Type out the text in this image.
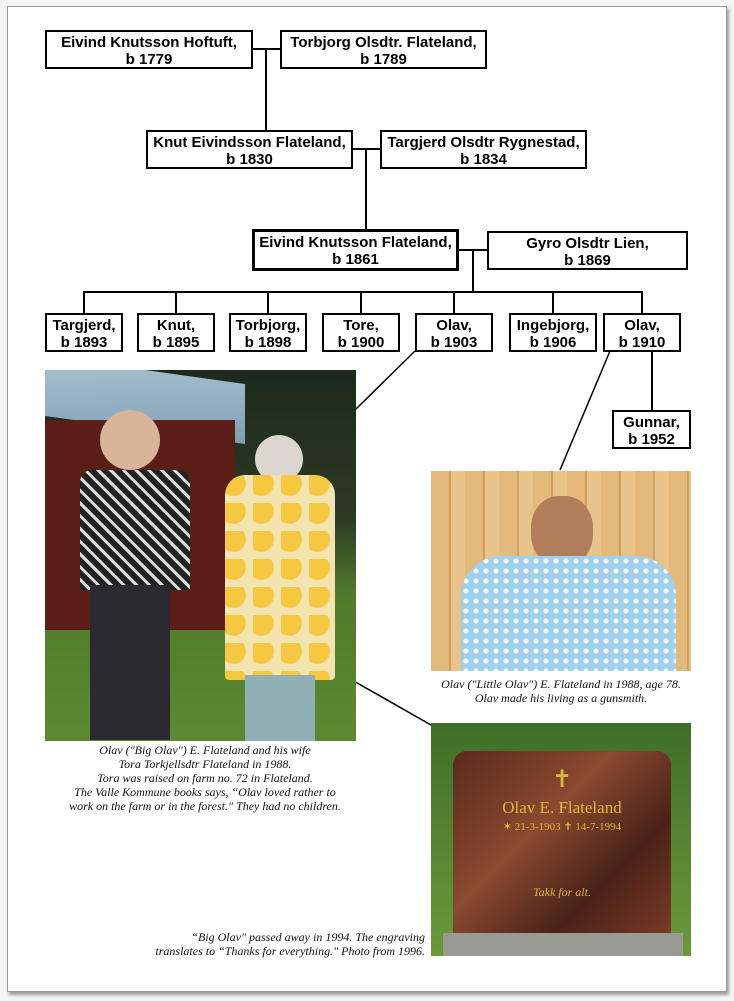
Eivind Knutsson Hoftuft,
b 1779
Torbjorg Olsdtr. Flateland,
b 1789
Knut Eivindsson Flateland,
b 1830
Targjerd Olsdtr Rygnestad,
b 1834
Eivind Knutsson Flateland,
b 1861
Gyro Olsdtr Lien,
b 1869
Targjerd,
b 1893
Knut,
b 1895
Torbjorg,
b 1898
Tore,
b 1900
Olav,
b 1903
Ingebjorg,
b 1906
Olav,
b 1910
Gunnar,
b 1952
Olav ("Big Olav") E. Flateland and his wife
Tora Torkjellsdtr Flateland in 1988.
Tora was raised on farm no. 72 in Flateland.
The Valle Kommune books says, “Olav loved rather to
work on the farm or in the forest." They had no children.
Olav ("Little Olav") E. Flateland in 1988, age 78.
Olav made his living as a gunsmith.
✝
Olav E. Flateland
✶ 21-3-1903 ✝ 14-7-1994
Takk for alt.
“Big Olav" passed away in 1994. The engraving
translates to “Thanks for everything." Photo from 1996.
